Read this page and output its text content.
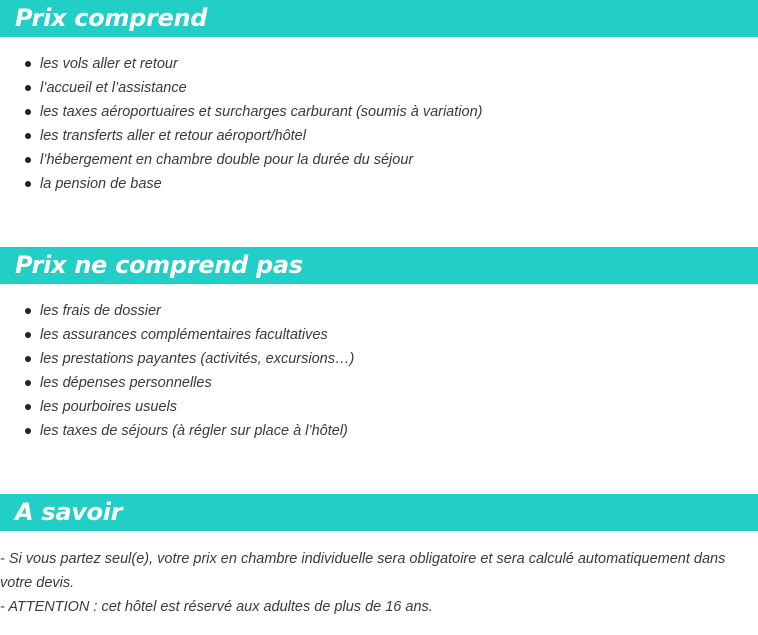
Prix comprend
les vols aller et retour
l’accueil et l’assistance
les taxes aéroportuaires et surcharges carburant (soumis à variation)
les transferts aller et retour aéroport/hôtel
l’hébergement en chambre double pour la durée du séjour
la pension de base
Prix ne comprend pas
les frais de dossier
les assurances complémentaires facultatives
les prestations payantes (activités, excursions…)
les dépenses personnelles
les pourboires usuels
les taxes de séjours (à régler sur place à l’hôtel)
A savoir
- Si vous partez seul(e), votre prix en chambre individuelle sera obligatoire et sera calculé automatiquement dans votre devis.
- ATTENTION : cet hôtel est réservé aux adultes de plus de 16 ans.
